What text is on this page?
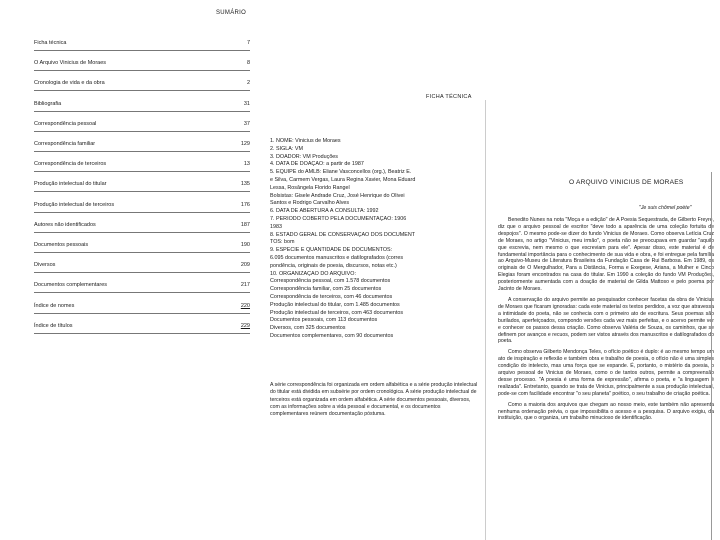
SUMÁRIO
Ficha técnica	7
O Arquivo Vinicius de Moraes	8
Cronologia de vida e da obra	2
Bibliografia	31
Correspondência pessoal	37
Correspondência familiar	129
Correspondência de terceiros	13
Produção intelectual do titular	135
Produção intelectual de terceiros	176
Autores não identificados	187
Documentos pessoais	190
Diversos	209
Documentos complementares	217
Índice de nomes	220
Índice de títulos	229
FICHA TÉCNICA
1. NOME: Vinicius de Moraes
2. SIGLA: VM
3. DOADOR: VM Produções
4. DATA DE DOAÇÃO: a partir de 1987
5. EQUIPE do AMLB: Eliane Vasconcellos (org.), Beatriz E.
e Silva, Carmem Vergas, Laura Regina Xavier, Mona Eduard
Lessa, Rosângela Florido Rangel
Bolsistas: Gisele Andrade Cruz, José Henrique do Olivei
Santos e Rodrigo Carvalho Alves
6. DATA DE ABERTURA À CONSULTA: 1992
7. PERÍODO COBERTO PELA DOCUMENTAÇÃO: 1906
1983
8. ESTADO GERAL DE CONSERVAÇÃO DOS DOCUMENT
TOS: bom
9. ESPÉCIE E QUANTIDADE DE DOCUMENTOS:
6.095 documentos manuscritos e datilografados (corres
pondência, originais de poesia, discursos, notas etc.)
10. ORGANIZAÇÃO DO ARQUIVO:
Correspondência pessoal, com 1.578 documentos
Correspondência familiar, com 25 documentos
Correspondência de terceiros, com 46 documentos
Produção intelectual do titular, com 1.485 documentos
Produção intelectual de terceiros, com 463 documentos
Documentos pessoais, com 113 documentos
Diversos, com 325 documentos
Documentos complementares, com 90 documentos
A série correspondência foi organizada em ordem alfabética e a série produção intelectual do titular está dividida em subsérie por ordem cronológica. A série produção intelectual de terceiros está organizada em ordem alfabética. A série documentos pessoais, diversos, com as informações sobre a vida pessoal e documental, e os documentos complementares reúnem documentação póstuma.
O ARQUIVO VINICIUS DE MORAES
"Je suis chômel poète"

Benedito Nunes na nota "Moça e a edição" de A Poesia Sequestrada, de Gilberto Freyre, diz que o arquivo pessoal de escritor "deve todo a aparência de uma coleção fortuita de despojos". O mesmo pode-se dizer do fundo Vinicius de Moraes. Como observa Letícia Cruz de Moraes, no artigo "Vinicius, meu irmão", o poeta não se preocupava em guardar "aquilo que escrevia, nem mesmo o que escreviam para ele". Apesar disso, este material é de fundamental importância para o conhecimento de sua vida e obra, e foi entregue pela família ao Arquivo-Museu de Literatura Brasileira da Fundação Casa de Rui Barbosa. Em 1989, os originais de O Mergulhador, Para a Distância, Forma e Exegese, Ariana, a Mulher e Cinco Elegias foram encontrados na casa do titular. Em 1990 a coleção do fundo VM Produções, posteriormente aumentada com a doação de material de Gilda Mattoso e pelo poema por Jacinto de Moraes.

A conservação do arquivo permite ao pesquisador conhecer facetas da obra de Vinicius de Moraes que ficaram ignoradas: cada este material os textos perdidos, a voz que atravessa a intimidade do poeta, não se conhecia com o primeiro ato de escritura. Seus poemas são burilados, aperfeiçoados, compondo versões cada vez mais perfeitas, e o acervo permite ver e conhecer os passos dessa criação. Como observa Valéria de Souza, os caminhos, que se definem por avanços e recuos, podem ser vistos através dos manuscritos e datilografados do poeta.

Como observa Gilberto Mendonça Teles, o ofício poético é duplo: é ao mesmo tempo um ato de inspiração e reflexão e também obra e trabalho de poesia, o ofício não é uma simples condição do intelecto, mas uma força que se expande. É, portanto, o mistério da poesia, o arquivo pessoal de Vinicius de Moraes, como o de tantos outros, permite a compreensão desse processo. "A poesia é uma forma de expressão", afirma o poeta, e "a linguagem é realizada". Entretanto, quando se trata de Vinicius, principalmente a sua produção intelectual, pode-se com facilidade encontrar "o seu planeta" poético, o seu trabalho de criação poética.

Como a maioria dos arquivos que chegam ao nosso meio, este também não apresenta nenhuma ordenação prévia, o que impossibilita o acesso e a pesquisa. O arquivo exigiu, da instituição, que o organiza, um trabalho minucioso de identificação.
